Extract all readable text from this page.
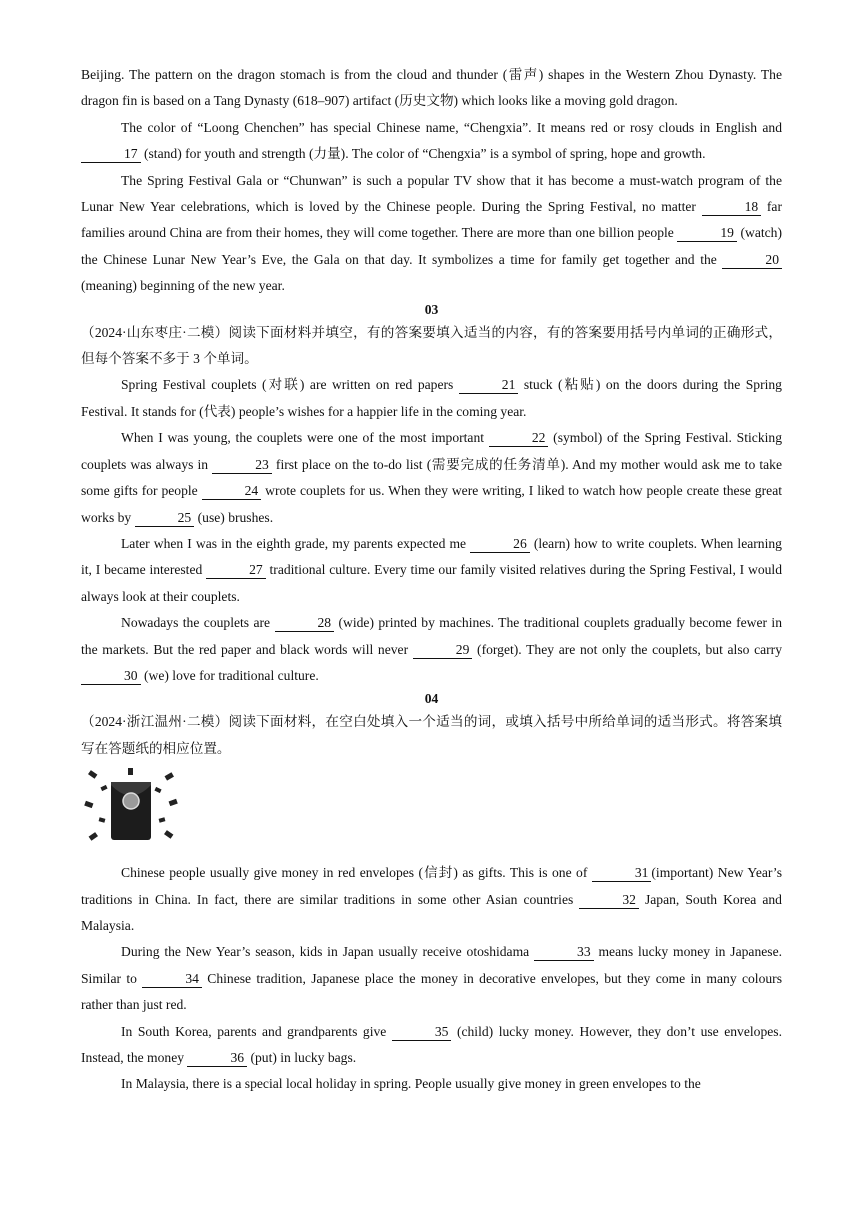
Beijing. The pattern on the dragon stomach is from the cloud and thunder (雷声) shapes in the Western Zhou Dynasty. The dragon fin is based on a Tang Dynasty (618–907) artifact (历史文物) which looks like a moving gold dragon.

The color of “Loong Chenchen” has special Chinese name, “Chengxia”. It means red or rosy clouds in English and 17 (stand) for youth and strength (力量). The color of “Chengxia” is a symbol of spring, hope and growth.

The Spring Festival Gala or “Chunwan” is such a popular TV show that it has become a must-watch program of the Lunar New Year celebrations, which is loved by the Chinese people. During the Spring Festival, no matter	18 far families around China are from their homes, they will come together. There are more than one billion people	19 (watch) the Chinese Lunar New Year’s Eve, the Gala on that day. It symbolizes a time for family get together and the	20 (meaning) beginning of the new year.

03

（2024·山东枣庄·二模）阅读下面材料并填空，有的答案要填入适当的内容，有的答案要用括号内单词的正确形式，但每个答案不多于 3 个单词。

Spring Festival couplets (对联) are written on red papers	21 stuck (粘贴) on the doors during the Spring Festival. It stands for (代表) people’s wishes for a happier life in the coming year.

When I was young, the couplets were one of the most important	22 (symbol) of the Spring Festival. Sticking couplets was always in	23 first place on the to-do list (需要完成的任务清单). And my mother would ask me to take some gifts for people	24 wrote couplets for us. When they were writing, I liked to watch how people create these great works by	25 (use) brushes.

Later when I was in the eighth grade, my parents expected me	26 (learn) how to write couplets. When learning it, I became interested	27 traditional culture. Every time our family visited relatives during the Spring Festival, I would always look at their couplets.

Nowadays the couplets are	28 (wide) printed by machines. The traditional couplets gradually become fewer in the markets. But the red paper and black words will never	29 (forget). They are not only the couplets, but also carry 30 (we) love for traditional culture.

04

（2024·浙江温州·二模）阅读下面材料，在空白处填入一个适当的词，或填入括号中所给单词的适当形式。将答案填写在答题纸的相应位置。

Chinese people usually give money in red envelopes (信封) as gifts. This is one of	31 (important) New Year’s traditions in China. In fact, there are similar traditions in some other Asian countries	32 Japan, South Korea and Malaysia.

During the New Year’s season, kids in Japan usually receive otoshidama	33 means lucky money in Japanese. Similar to	34 Chinese tradition, Japanese place the money in decorative envelopes, but they come in many colours rather than just red.

In South Korea, parents and grandparents give	35 (child) lucky money. However, they don’t use envelopes. Instead, the money	36 (put) in lucky bags.

In Malaysia, there is a special local holiday in spring. People usually give money in green envelopes to the
